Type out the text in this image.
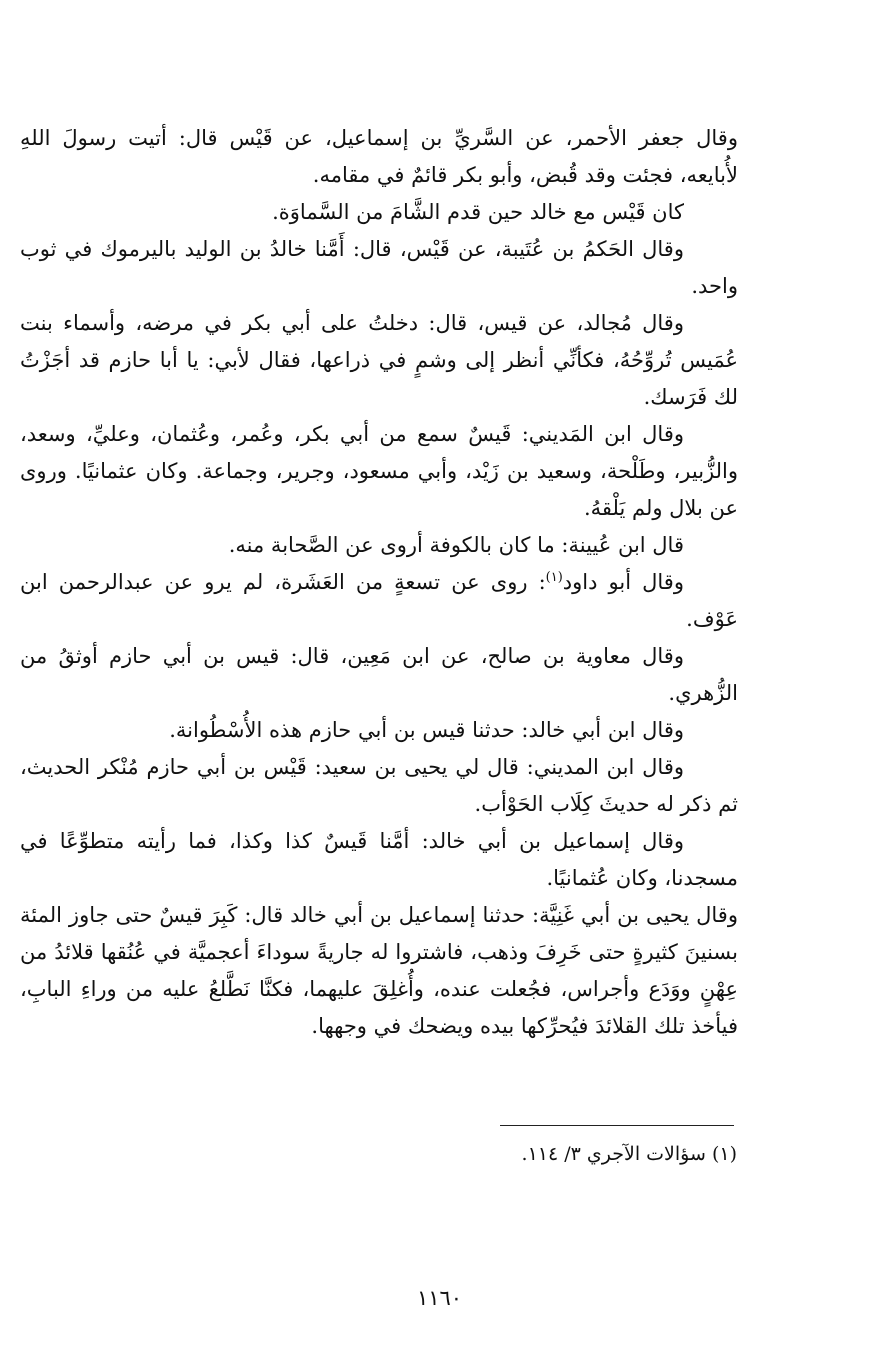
وقال جعفر الأحمر، عن السَّريِّ بن إسماعيل، عن قَيْس قال: أتيت رسولَ اللهِ لأُبايعه، فجئت وقد قُبض، وأبو بكر قائمٌ في مقامه.

كان قَيْس مع خالد حين قدم الشَّامَ من السَّماوَة.

وقال الحَكمُ بن عُتَيبة، عن قَيْس، قال: أَمَّنا خالدُ بن الوليد باليرموك في ثوب واحد.

وقال مُجالد، عن قيس، قال: دخلتُ على أبي بكر في مرضه، وأسماء بنت عُمَيس تُروِّحُهُ، فكأنِّي أنظر إلى وشمٍ في ذراعها، فقال لأبي: يا أبا حازم قد أجَزْتُ لك فَرَسك.

وقال ابن المَديني: قَيسٌ سمع من أبي بكر، وعُمر، وعُثمان، وعليِّ، وسعد، والزُّبير، وطَلْحة، وسعيد بن زَيْد، وأبي مسعود، وجرير، وجماعة. وكان عثمانيًا. وروى عن بلال ولم يَلْقهُ.

قال ابن عُيينة: ما كان بالكوفة أروى عن الصَّحابة منه.

وقال أبو داود$^{(١)}$: روى عن تسعةٍ من العَشَرة، لم يرو عن عبدالرحمن ابن عَوْف.

وقال معاوية بن صالح، عن ابن مَعِين، قال: قيس بن أبي حازم أوثقُ من الزُّهري.

وقال ابن أبي خالد: حدثنا قيس بن أبي حازم هذه الأُسْطُوانة.

وقال ابن المديني: قال لي يحيى بن سعيد: قَيْس بن أبي حازم مُنْكر الحديث، ثم ذكر له حديثَ كِلَاب الحَوْأب.

وقال إسماعيل بن أبي خالد: أمَّنا قَيسٌ كذا وكذا، فما رأيته متطوِّعًا في مسجدنا، وكان عُثمانيًا.

وقال يحيى بن أبي غَنِيَّة: حدثنا إسماعيل بن أبي خالد قال: كَبِرَ قيسٌ حتى جاوز المئة بسنينَ كثيرةٍ حتى خَرِفَ وذهب، فاشتروا له جاريةً سوداءَ أعجميَّة في عُنُقها قلائدُ من عِهْنٍ ووَدَع وأجراس، فجُعلت عنده، وأُغلِقَ عليهما، فكنَّا نَطَّلعُ عليه من وراءِ البابِ، فيأخذ تلك القلائدَ فيُحرِّكها بيده ويضحك في وجهها.

(١) سؤالات الآجري ٣/ ١١٤.
١١٦٠
